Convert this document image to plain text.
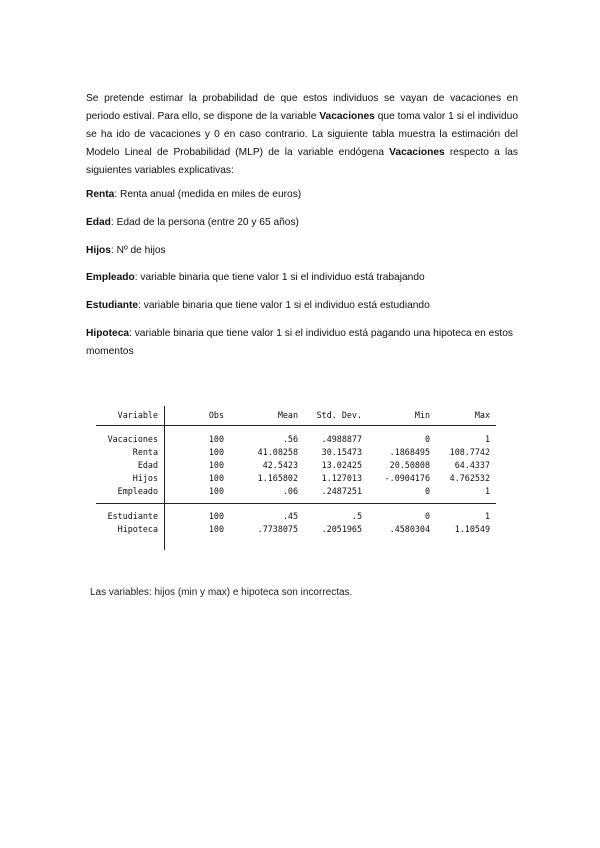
Se pretende estimar la probabilidad de que estos individuos se vayan de vacaciones en periodo estival. Para ello, se dispone de la variable Vacaciones que toma valor 1 si el individuo se ha ido de vacaciones y 0 en caso contrario. La siguiente tabla muestra la estimación del Modelo Lineal de Probabilidad (MLP) de la variable endógena Vacaciones respecto a las siguientes variables explicativas:
Renta: Renta anual (medida en miles de euros)
Edad: Edad de la persona (entre 20 y 65 años)
Hijos: Nº de hijos
Empleado: variable binaria que tiene valor 1 si el individuo está trabajando
Estudiante: variable binaria que tiene valor 1 si el individuo está estudiando
Hipoteca: variable binaria que tiene valor 1 si el individuo está pagando una hipoteca en estos momentos
Variable	Obs	Mean	Std. Dev.	Min	Max
Vacaciones	100	.56	.4988877	0	1
Renta	100	41.08258	30.15473	.1868495	108.7742
Edad	100	42.5423	13.02425	20.50808	64.4337
Hijos	100	1.165802	1.127013	-.0904176	4.762532
Empleado	100	.06	.2487251	0	1
Estudiante	100	.45	.5	0	1
Hipoteca	100	.7738075	.2051965	.4580304	1.10549
Las variables: hijos (min y max) e hipoteca son incorrectas.
